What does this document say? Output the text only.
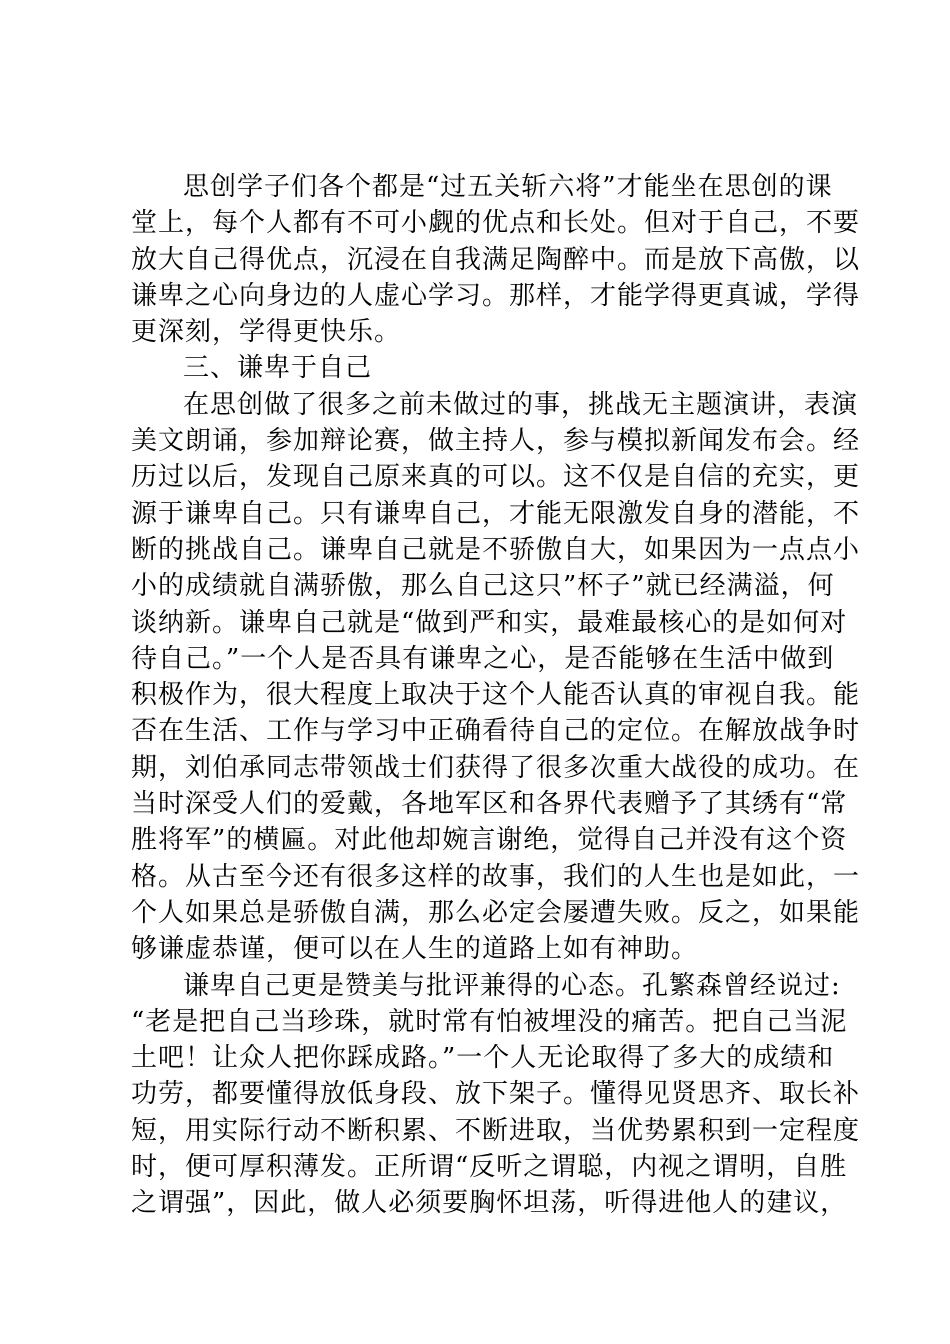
思创学子们各个都是“过五关斩六将”才能坐在思创的课
堂上，每个人都有不可小觑的优点和长处。但对于自己，不要
放大自己得优点，沉浸在自我满足陶醉中。而是放下高傲，以
谦卑之心向身边的人虚心学习。那样，才能学得更真诚，学得
更深刻，学得更快乐。
三、谦卑于自己
在思创做了很多之前未做过的事，挑战无主题演讲，表演
美文朗诵，参加辩论赛，做主持人，参与模拟新闻发布会。经
历过以后，发现自己原来真的可以。这不仅是自信的充实，更
源于谦卑自己。只有谦卑自己，才能无限激发自身的潜能，不
断的挑战自己。谦卑自己就是不骄傲自大，如果因为一点点小
小的成绩就自满骄傲，那么自己这只”杯子”就已经满溢，何
谈纳新。谦卑自己就是“做到严和实，最难最核心的是如何对
待自己。”一个人是否具有谦卑之心，是否能够在生活中做到
积极作为，很大程度上取决于这个人能否认真的审视自我。能
否在生活、工作与学习中正确看待自己的定位。在解放战争时
期，刘伯承同志带领战士们获得了很多次重大战役的成功。在
当时深受人们的爱戴，各地军区和各界代表赠予了其绣有“常
胜将军”的横匾。对此他却婉言谢绝，觉得自己并没有这个资
格。从古至今还有很多这样的故事，我们的人生也是如此，一
个人如果总是骄傲自满，那么必定会屡遭失败。反之，如果能
够谦虚恭谨，便可以在人生的道路上如有神助。
谦卑自己更是赞美与批评兼得的心态。孔繁森曾经说过:
“老是把自己当珍珠，就时常有怕被埋没的痛苦。把自己当泥
土吧！让众人把你踩成路。”一个人无论取得了多大的成绩和
功劳，都要懂得放低身段、放下架子。懂得见贤思齐、取长补
短，用实际行动不断积累、不断进取，当优势累积到一定程度
时，便可厚积薄发。正所谓“反听之谓聪，内视之谓明，自胜
之谓强”，因此，做人必须要胸怀坦荡，听得进他人的建议，
